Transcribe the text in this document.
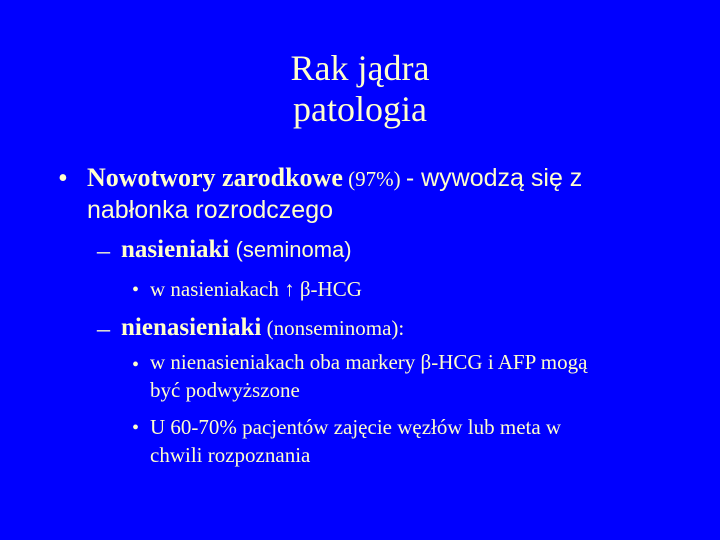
Rak jądra
patologia
• Nowotwory zarodkowe (97%) - wywodzą się z
nabłonka rozrodczego
– nasieniaki (seminoma)
• w nasieniakach ↑ β-HCG
– nienasieniaki (nonseminoma):
• w nienasieniakach oba markery β-HCG i AFP mogą
być podwyższone
• U 60-70% pacjentów zajęcie węzłów lub meta w
chwili rozpoznania
